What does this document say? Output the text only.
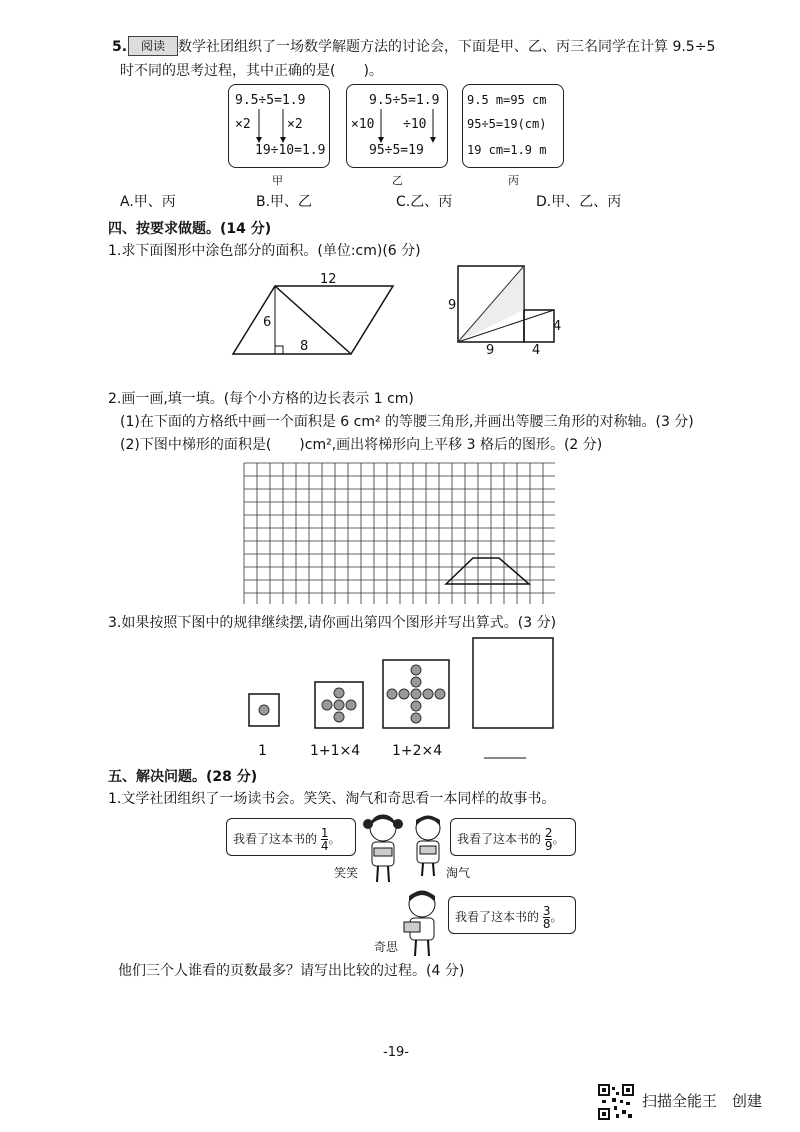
5.	阅读 数学社团组织了一场数学解题方法的讨论会，下面是甲、乙、丙三名同学在计算 9.5÷5
时不同的思考过程，其中正确的是(　　)。
9.5÷5=1.9
×2	×2
19÷10=1.9
甲
9.5÷5=1.9
×10 ÷10
95÷5=19
乙
9.5 m=95 cm
95÷5=19(cm)
19 cm=1.9 m
丙
A.甲、丙	B.甲、乙	C.乙、丙	D.甲、乙、丙
四、按要求做题。(14 分)
1.求下面图形中涂色部分的面积。(单位:cm)(6 分)
12
6
8
9
9	4
4
2.画一画,填一填。(每个小方格的边长表示 1 cm)
(1)在下面的方格纸中画一个面积是 6 cm² 的等腰三角形,并画出等腰三角形的对称轴。(3 分)
(2)下图中梯形的面积是(　　)cm²,画出将梯形向上平移 3 格后的图形。(2 分)
3.如果按照下图中的规律继续摆,请你画出第四个图形并写出算式。(3 分)
1	1+1×4 1+2×4	______
五、解决问题。(28 分)
1.文学社团组织了一场读书会。笑笑、淘气和奇思看一本同样的故事书。
我看了这本书的 $\frac{1}{4}$ 。	我看了这本书的 $\frac{2}{9}$ 。
我看了这本书的 $\frac{3}{8}$ 。
笑笑	淘气
奇思
他们三个人谁看的页数最多？请写出比较的过程。(4 分)
-19-
扫描全能王　创建
